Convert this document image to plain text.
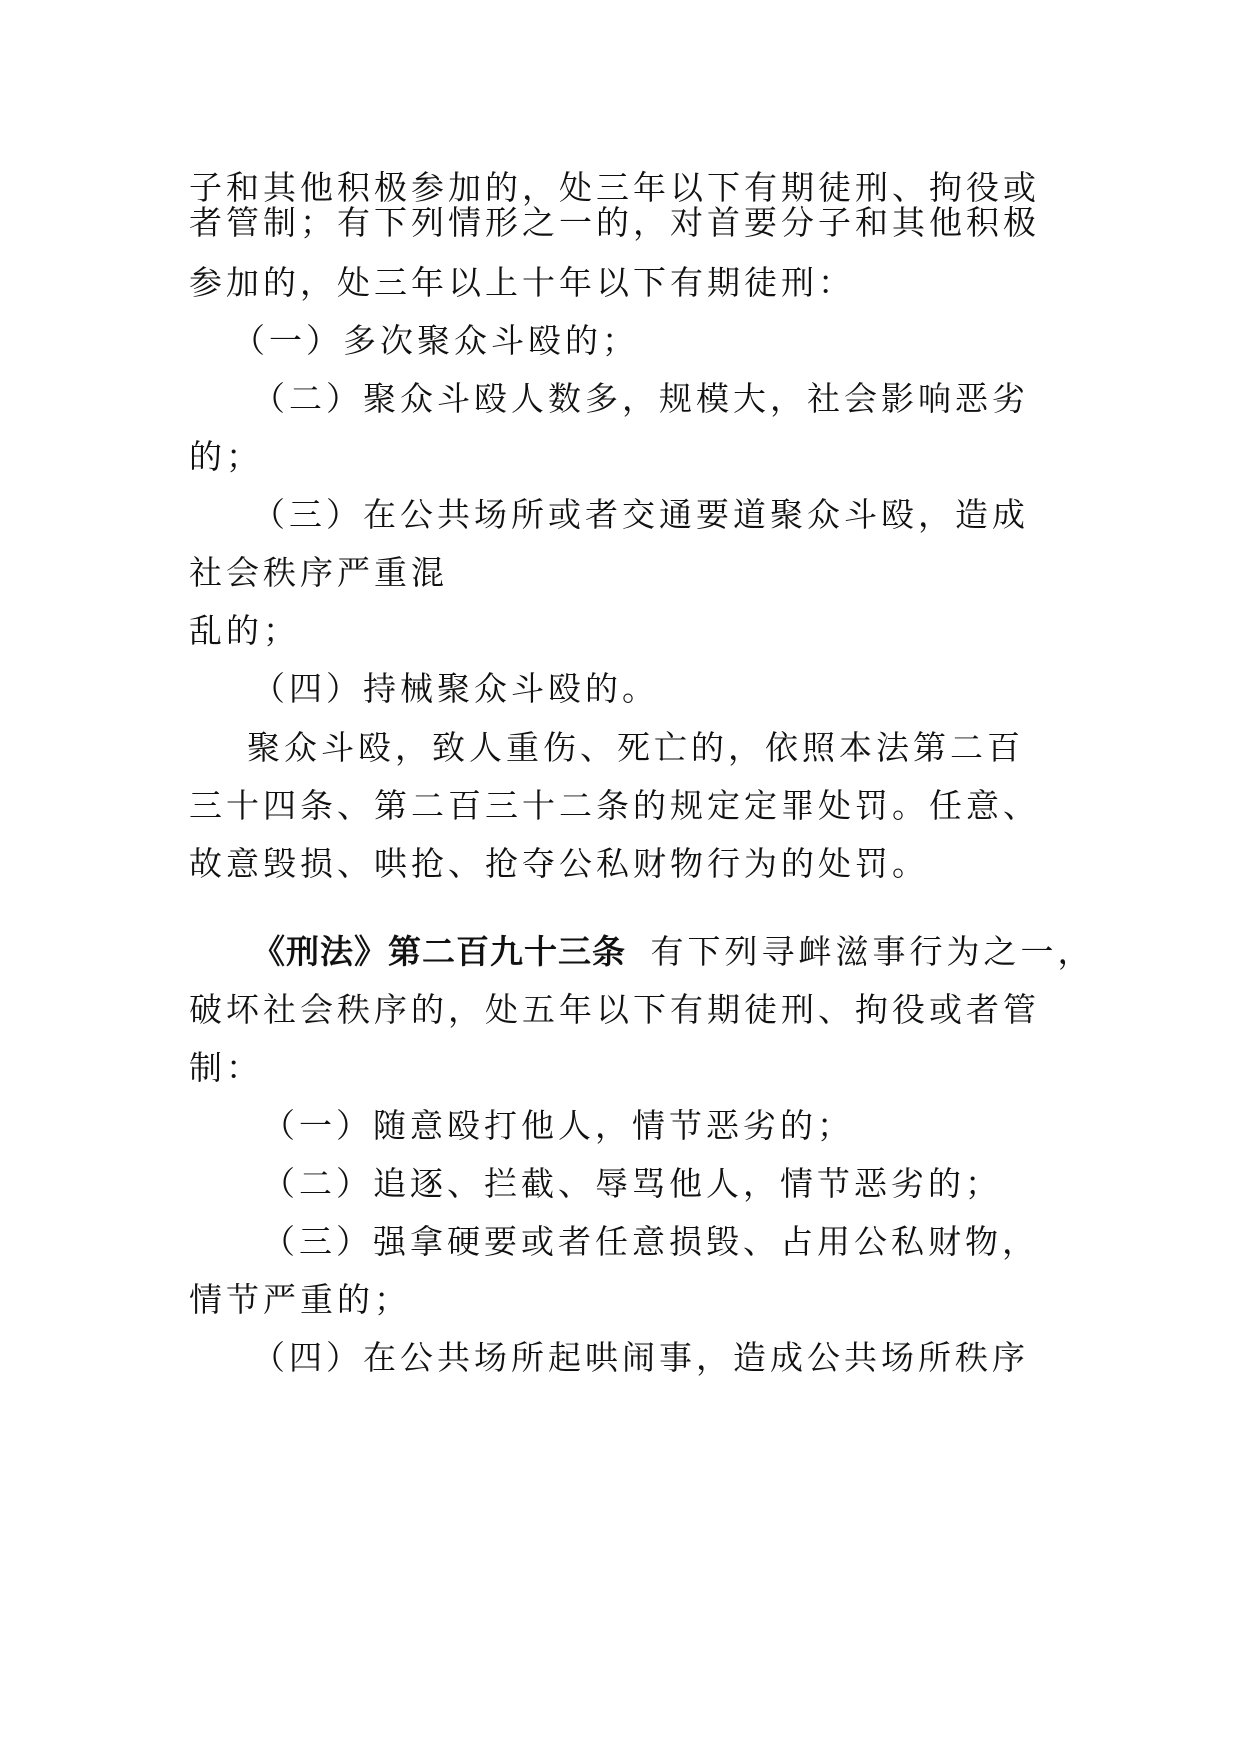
子和其他积极参加的，处三年以下有期徒刑、拘役或
者管制；有下列情形之一的，对首要分子和其他积极
参加的，处三年以上十年以下有期徒刑：
（一）多次聚众斗殴的；
（二）聚众斗殴人数多，规模大，社会影响恶劣
的；
（三）在公共场所或者交通要道聚众斗殴，造成
社会秩序严重混
乱的；
（四）持械聚众斗殴的。
聚众斗殴，致人重伤、死亡的，依照本法第二百
三十四条、第二百三十二条的规定定罪处罚。任意、
故意毁损、哄抢、抢夺公私财物行为的处罚。
《刑法》第二百九十三条 有下列寻衅滋事行为之一，
破坏社会秩序的，处五年以下有期徒刑、拘役或者管
制：
（一）随意殴打他人，情节恶劣的；
（二）追逐、拦截、辱骂他人，情节恶劣的；
（三）强拿硬要或者任意损毁、占用公私财物，
情节严重的；
（四）在公共场所起哄闹事，造成公共场所秩序
